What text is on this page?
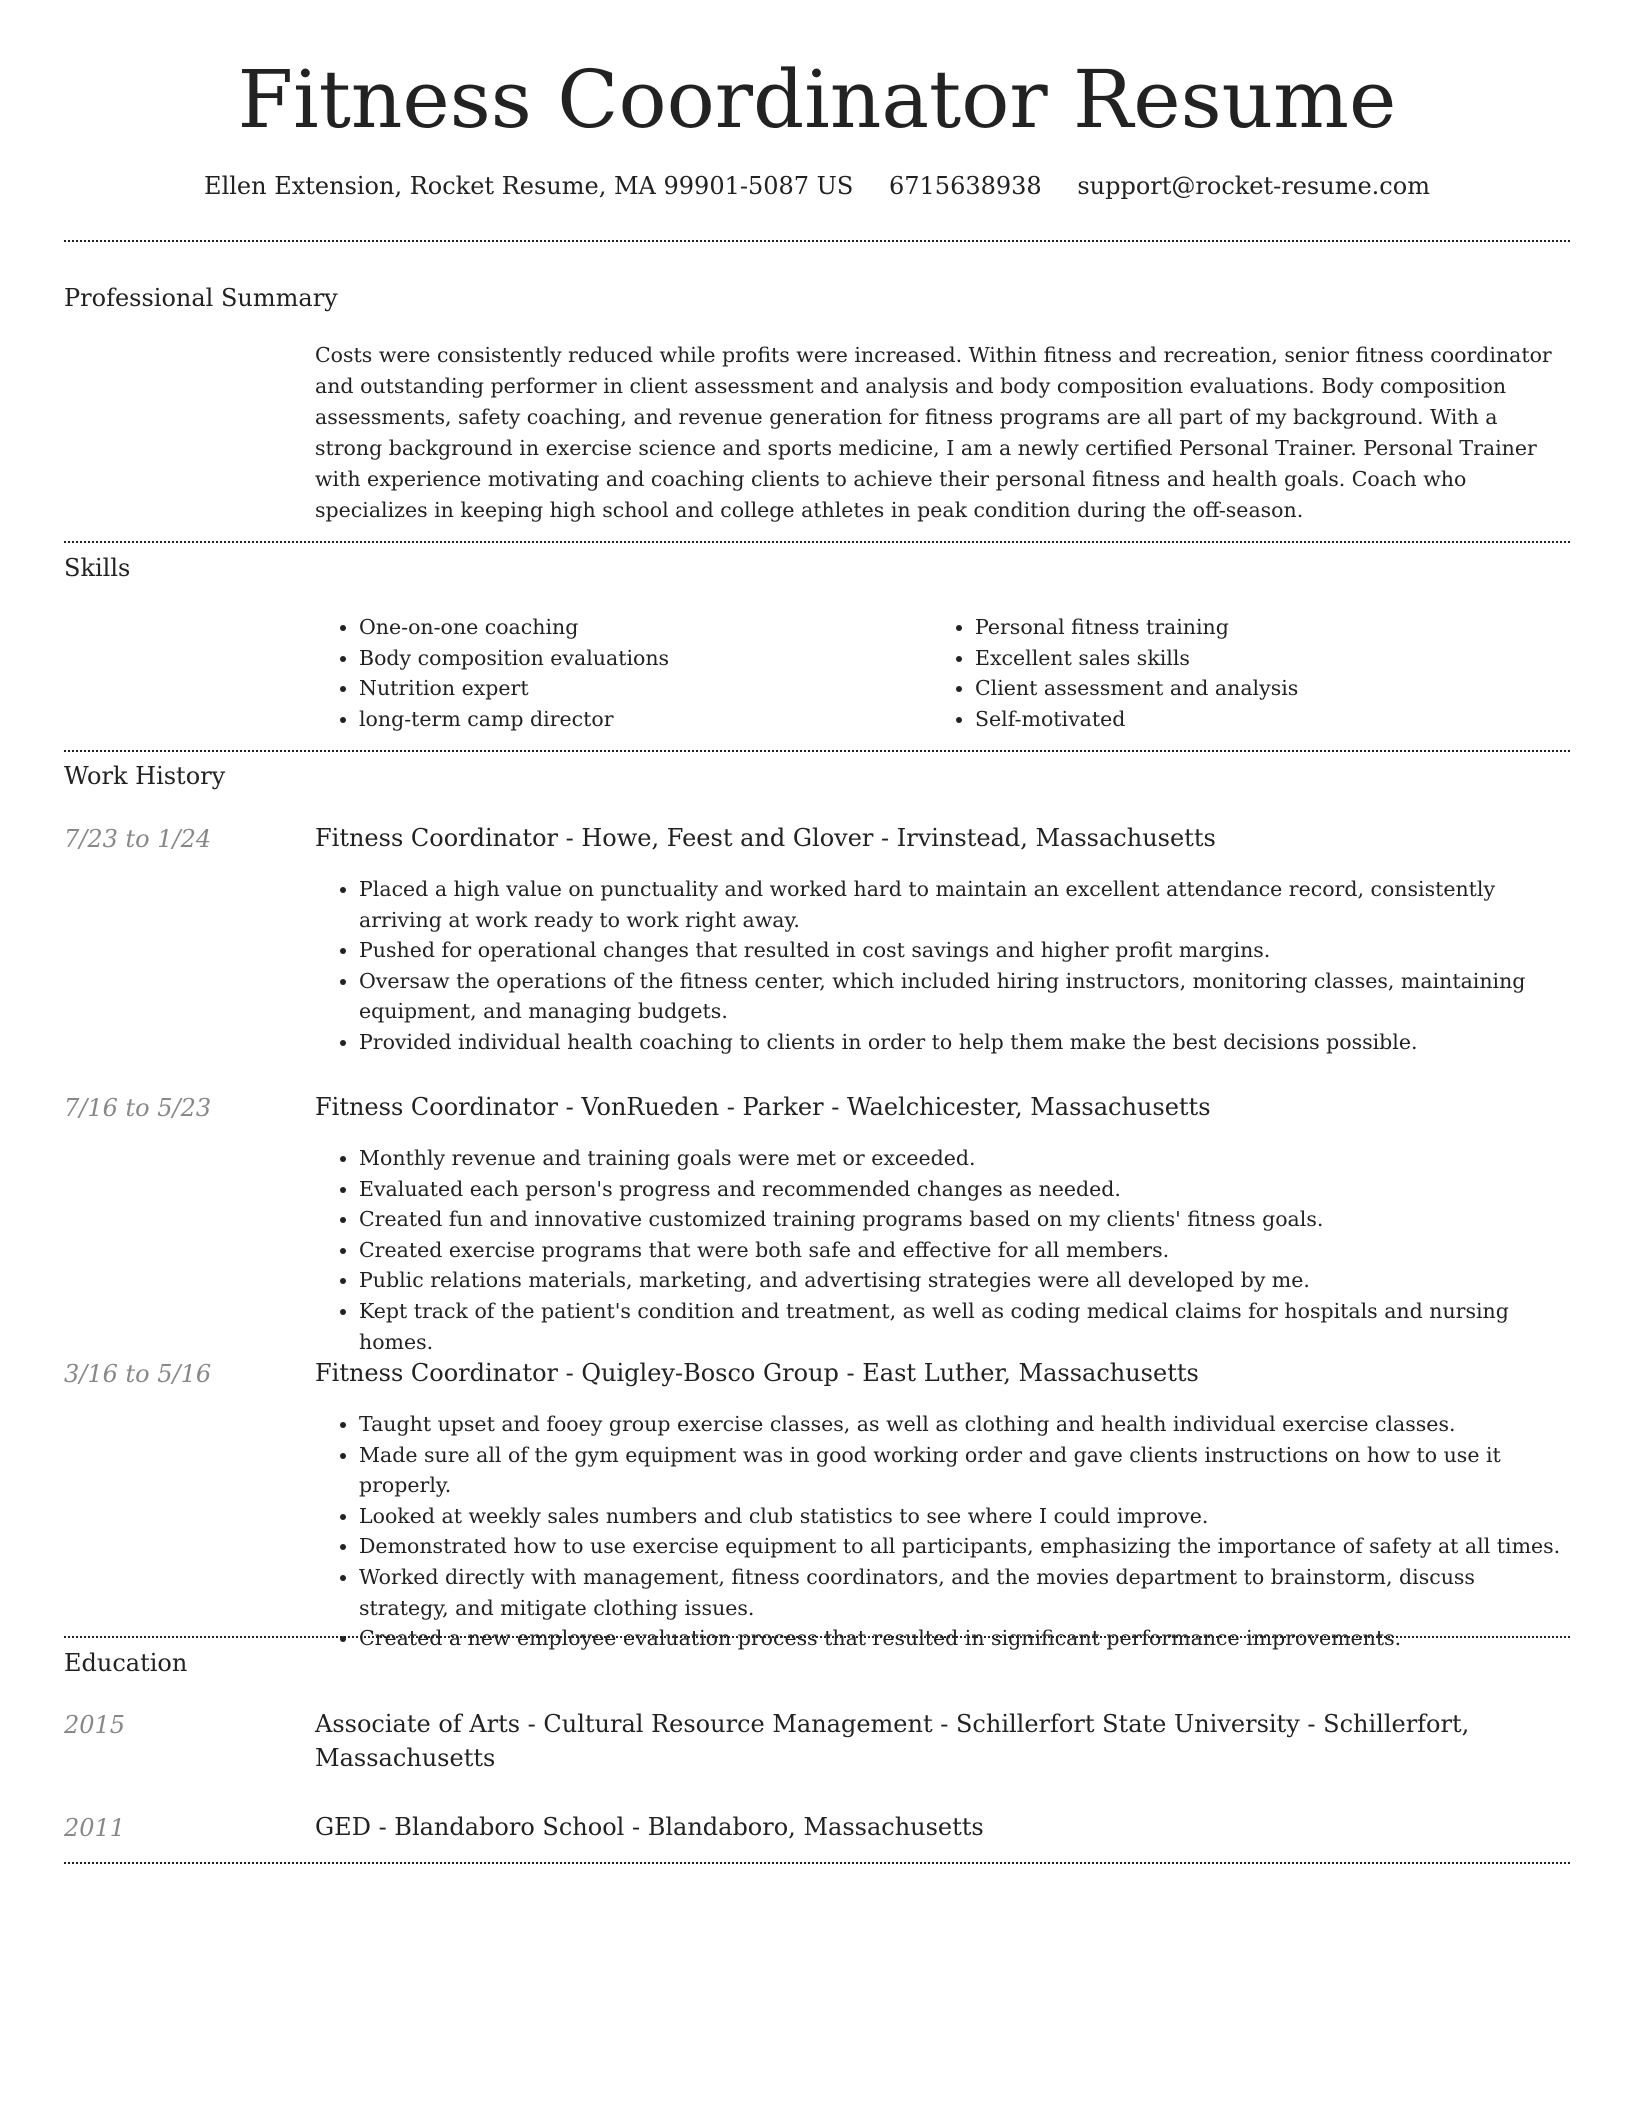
Fitness Coordinator Resume
Ellen Extension, Rocket Resume, MA 99901-5087 US 6715638938 support@rocket-resume.com
Professional Summary

Costs were consistently reduced while profits were increased. Within fitness and recreation, senior fitness coordinator and outstanding performer in client assessment and analysis and body composition evaluations. Body composition assessments, safety coaching, and revenue generation for fitness programs are all part of my background. With a strong background in exercise science and sports medicine, I am a newly certified Personal Trainer. Personal Trainer with experience motivating and coaching clients to achieve their personal fitness and health goals. Coach who specializes in keeping high school and college athletes in peak condition during the off-season.

Skills
• One-on-one coaching
• Body composition evaluations
• Nutrition expert
• long-term camp director
• Personal fitness training
• Excellent sales skills
• Client assessment and analysis
• Self-motivated
Work History
7/23 to 1/24	Fitness Coordinator - Howe, Feest and Glover - Irvinstead, Massachusetts
• Placed a high value on punctuality and worked hard to maintain an excellent attendance record, consistently arriving at work ready to work right away.
• Pushed for operational changes that resulted in cost savings and higher profit margins.
• Oversaw the operations of the fitness center, which included hiring instructors, monitoring classes, maintaining equipment, and managing budgets.
• Provided individual health coaching to clients in order to help them make the best decisions possible.
7/16 to 5/23	Fitness Coordinator - VonRueden - Parker - Waelchicester, Massachusetts
• Monthly revenue and training goals were met or exceeded.
• Evaluated each person's progress and recommended changes as needed.
• Created fun and innovative customized training programs based on my clients' fitness goals.
• Created exercise programs that were both safe and effective for all members.
• Public relations materials, marketing, and advertising strategies were all developed by me.
• Kept track of the patient's condition and treatment, as well as coding medical claims for hospitals and nursing homes.
3/16 to 5/16	Fitness Coordinator - Quigley-Bosco Group - East Luther, Massachusetts
• Taught upset and fooey group exercise classes, as well as clothing and health individual exercise classes.
• Made sure all of the gym equipment was in good working order and gave clients instructions on how to use it properly.
• Looked at weekly sales numbers and club statistics to see where I could improve.
• Demonstrated how to use exercise equipment to all participants, emphasizing the importance of safety at all times.
• Worked directly with management, fitness coordinators, and the movies department to brainstorm, discuss strategy, and mitigate clothing issues.
• Created a new employee evaluation process that resulted in significant performance improvements.
Education
2015	Associate of Arts - Cultural Resource Management - Schillerfort State University - Schillerfort, Massachusetts
2011	GED - Blandaboro School - Blandaboro, Massachusetts
